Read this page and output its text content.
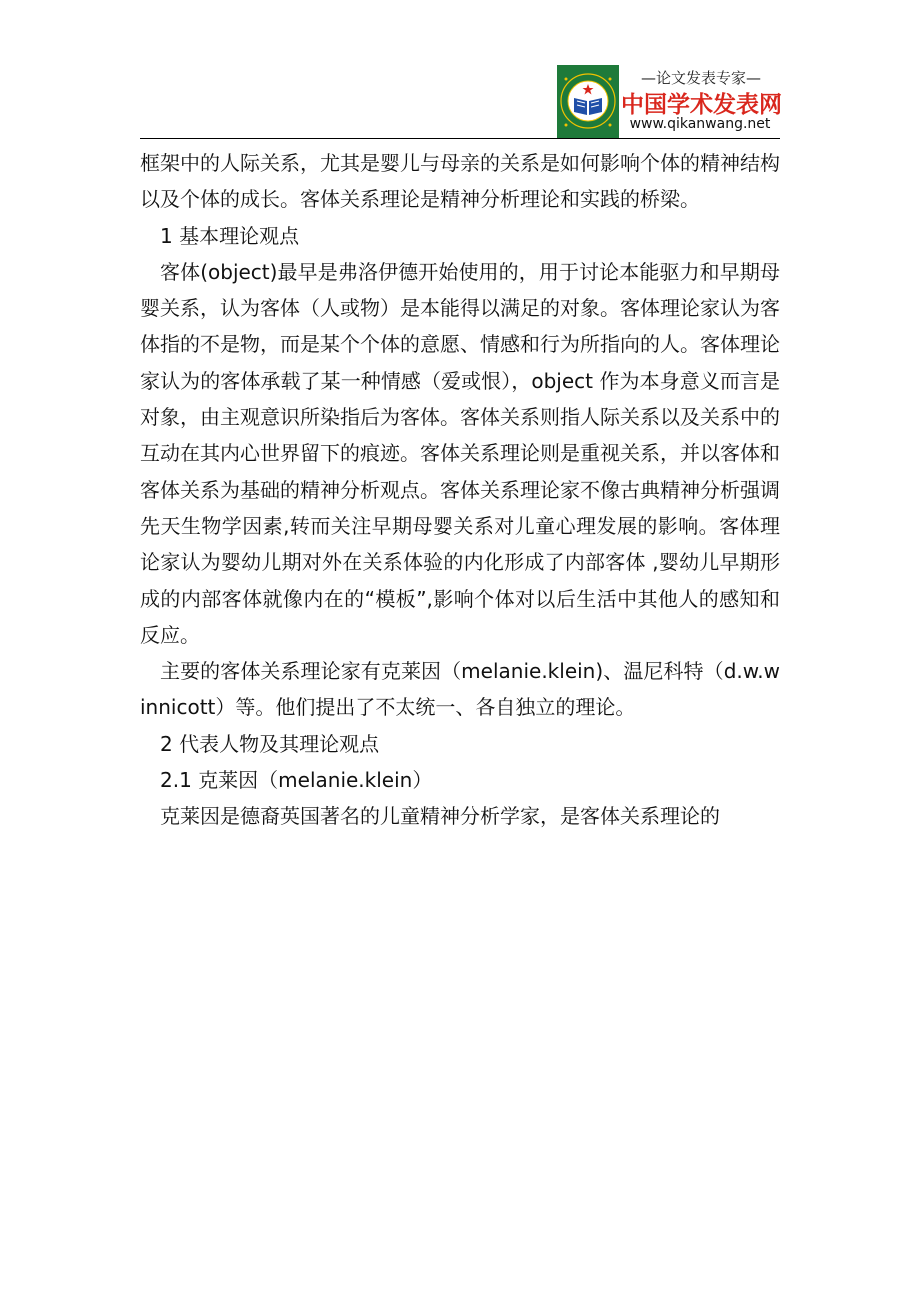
—论文发表专家—
中国学术发表网
www.qikanwang.net

框架中的人际关系，尤其是婴儿与母亲的关系是如何影响个体的精神结构以及个体的成长。客体关系理论是精神分析理论和实践的桥梁。

1 基本理论观点

客体(object)最早是弗洛伊德开始使用的，用于讨论本能驱力和早期母婴关系，认为客体（人或物）是本能得以满足的对象。客体理论家认为客体指的不是物，而是某个个体的意愿、情感和行为所指向的人。客体理论家认为的客体承载了某一种情感（爱或恨），object 作为本身意义而言是对象，由主观意识所染指后为客体。客体关系则指人际关系以及关系中的互动在其内心世界留下的痕迹。客体关系理论则是重视关系，并以客体和客体关系为基础的精神分析观点。客体关系理论家不像古典精神分析强调先天生物学因素,转而关注早期母婴关系对儿童心理发展的影响。客体理论家认为婴幼儿期对外在关系体验的内化形成了内部客体 ,婴幼儿早期形成的内部客体就像内在的“模板”,影响个体对以后生活中其他人的感知和反应。

主要的客体关系理论家有克莱因（melanie.klein)、温尼科特（d.w.winnicott）等。他们提出了不太统一、各自独立的理论。

2 代表人物及其理论观点

2.1 克莱因（melanie.klein）

克莱因是德裔英国著名的儿童精神分析学家，是客体关系理论的
